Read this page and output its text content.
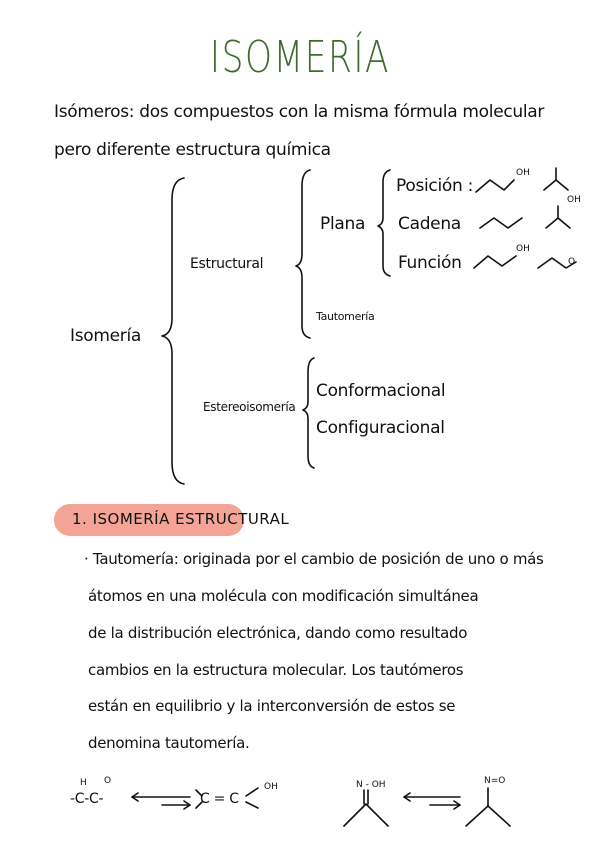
ISOMERÍA
Isómeros: dos compuestos con la misma fórmula molecular
pero diferente estructura química
Isomería
Estructural
Plana
Posición :
Cadena
Función
Tautomería
Estereoisomería
Conformacional
Configuracional
OH
OH
OH
O
1. ISOMERÍA ESTRUCTURAL
· Tautomería: originada por el cambio de posición de uno o más
átomos en una molécula con modificación simultánea
de la distribución electrónica, dando como resultado
cambios en la estructura molecular. Los tautómeros
están en equilibrio y la interconversión de estos se
denomina tautomería.
H O
-C-C-	C = C
OH	N - OH	N=O
